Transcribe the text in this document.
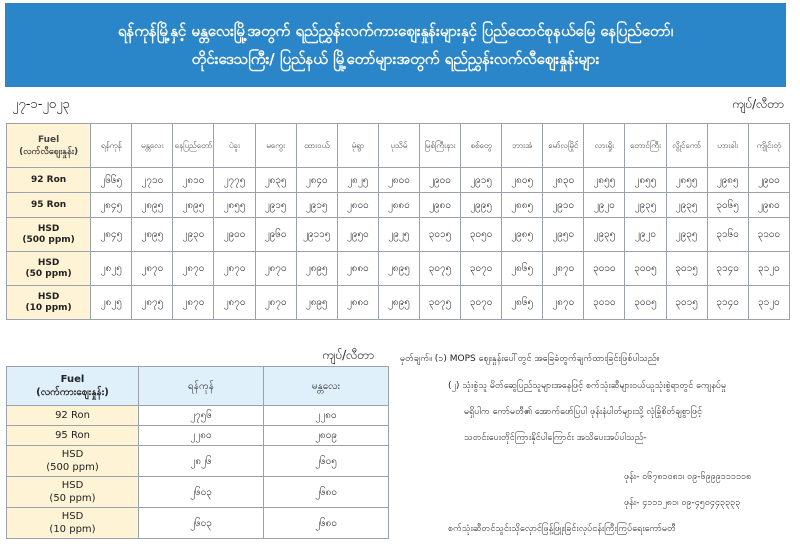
ရန်ကုန်မြို့နှင့် မန္တလေးမြို့အတွက် ရည်ညွှန်းလက်ကားဈေးနှုန်းများနှင့် ပြည်ထောင်စုနယ်မြေ နေပြည်တော်၊
တိုင်းဒေသကြီး/ ပြည်နယ် မြို့တော်များအတွက် ရည်ညွှန်းလက်လီဈေးနှုန်းများ
၂၇-၁-၂၀၂၃	ကျပ်/လီတာ
Fuel
(လက်လီဈေးနှုန်း)	ရန်ကုန်	မန္တလေး	နေပြည်တော်	ပဲခူး	မကွေး	ထားဝယ်	မုံရွာ	ပုသိမ်	မြစ်ကြီးနား	စစ်တွေ	ဘားအံ	မော်လမြိုင်	လားရှိုး	တောင်ကြီး	လွိုင်ကော်	ဟားခါး	ကျိုင်းတုံ
92 Ron	၂၆၆၅	၂၇၁၀	၂၈၁၀	၂၇၇၅	၂၈၃၅	၂၈၄၀	၂၈၂၅	၂၈၀၀	၂၉၀၀	၂၉၁၅	၂၈၀၅	၂၈၃၀	၂၈၅၅	၂၈၅၅	၂၈၅၅	၂၉၈၅	၂၉၀၀
95 Ron	၂၈၄၅	၂၈၉၅	၂၈၉၅	၂၈၅၅	၂၉၁၅	၂၉၁၅	၂၈၀၀	၂၈၈၀	၂၉၈၀	၂၉၉၅	၂၈၈၅	၂၉၁၀	၂၉၂၀	၂၉၃၅	၂၉၃၅	၃၀၆၅	၂၉၈၀
HSD
(500 ppm)	၂၈၄၅	၂၈၉၅	၂၉၃၀	၂၉၀၀	၂၉၆၀	၂၉၁၁၅	၂၉၅၀	၂၉၂၅	၃၀၁၅	၃၀၅၀	၂၉၈၅	၂၉၅၀	၂၉၃၅	၂၉၂၀	၂၉၃၅	၃၁၆၀	၃၁၀၀
HSD
(50 ppm)	၂၈၂၅	၂၈၇၀	၂၈၇၀	၂၈၇၀	၂၈၇၀	၂၈၉၅	၂၈၈၀	၂၈၉၅	၃၀၇၅	၃၀၇၀	၂၈၆၅	၂၈၇၀	၃၀၁၀	၃၀၀၅	၃၀၁၅	၃၁၄၀	၃၁၂၀
HSD
(10 ppm)	၂၈၂၅	၂၈၇၅	၂၈၇၀	၂၈၇၀	၂၈၇၀	၂၈၉၅	၂၈၈၀	၂၈၉၅	၃၀၇၅	၃၀၇၀	၂၈၆၅	၂၈၇၀	၃၀၁၀	၃၀၀၅	၃၀၁၅	၃၁၄၀	၃၁၂၀
ကျပ်/လီတာ
Fuel
(လက်ကားဈေးနှုန်း)	ရန်ကုန်	မန္တလေး
92 Ron	၂၇၅၆	၂၂၈၀
95 Ron	၂၂၈၀	၂၈၀၉
HSD
(500 ppm)	၂၈၂၆	၂၆၀၅
HSD
(50 ppm)	၂၆၀၃	၂၆၈၀
HSD
(10 ppm)	၂၆၀၃	၂၆၈၀
မှတ်ချက်။ (၁) MOPS ဈေးနှုန်းပေါ်တွင် အခြေခံတွက်ချက်ထားခြင်းဖြစ်ပါသည်။
(၂) သုံးစွဲသူ မိတ်ဆွေပြည်သူများအနေဖြင့် စက်သုံးဆီများဝယ်ယူသုံးစွဲရာတွင် ကျေနပ်မှု
မရှိပါက ကော်မတီ၏ အောက်ဖော်ပြပါ ဖုန်းနံပါတ်များသို့ လုံခြုံစိတ်ချစွာဖြင့်
သတင်းပေးတိုင်ကြားနိုင်ပါကြောင်း အသိပေးအပ်ပါသည်-
ဖုန်း- ၀၆၇၈၁၀၈၁၊ ၀၉-၆၉၉၉၁၁၁၁၁၈
ဖုန်း- ၄၁၁၁၂၈၁၊ ၀၉-၄၅၀၄၄၃၃၃၃
စက်သုံးဆီတင်သွင်းသိုလှောင်ဖြန့်ဖြူးခြင်းလုပ်ငန်းကြီးကြပ်ရေးကော်မတီ
